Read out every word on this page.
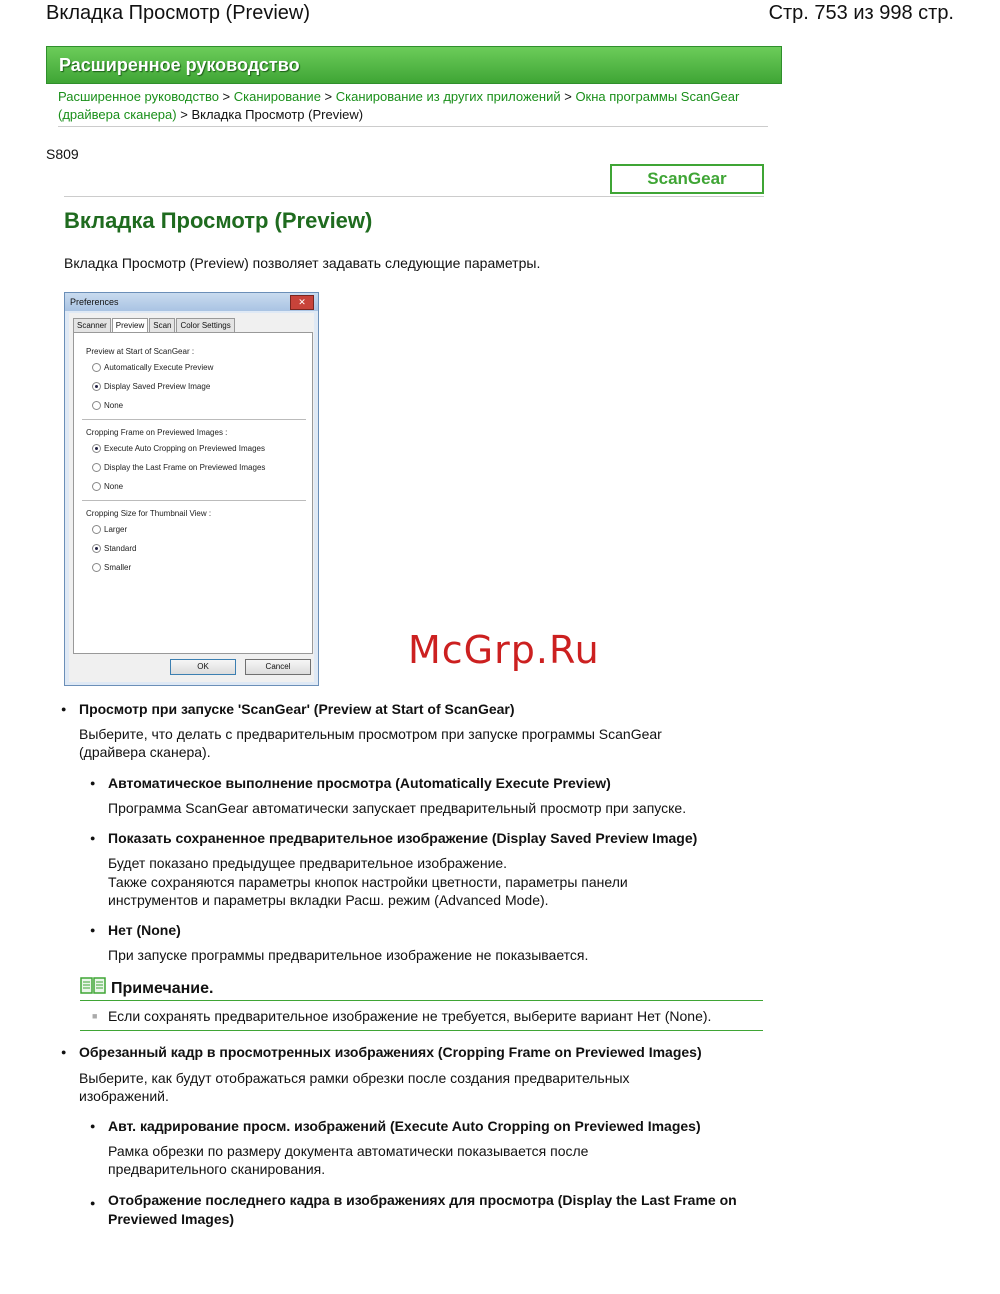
Вкладка Просмотр (Preview)	Стр. 753 из 998 стр.
Расширенное руководство
Расширенное руководство > Сканирование > Сканирование из других приложений > Окна программы ScanGear (драйвера сканера) > Вкладка Просмотр (Preview)
S809
ScanGear
Вкладка Просмотр (Preview)
Вкладка Просмотр (Preview) позволяет задавать следующие параметры.
Preferences	✕
Scanner	Preview	Scan	Color Settings
Preview at Start of ScanGear :
Automatically Execute Preview
Display Saved Preview Image
None
Cropping Frame on Previewed Images :
Execute Auto Cropping on Previewed Images
Display the Last Frame on Previewed Images
None
Cropping Size for Thumbnail View :
Larger
Standard
Smaller
OK	Cancel	McGrp.Ru
● Просмотр при запуске 'ScanGear' (Preview at Start of ScanGear)
Выберите, что делать с предварительным просмотром при запуске программы ScanGear (драйвера сканера).
● Автоматическое выполнение просмотра (Automatically Execute Preview)
Программа ScanGear автоматически запускает предварительный просмотр при запуске.
● Показать сохраненное предварительное изображение (Display Saved Preview Image)
Будет показано предыдущее предварительное изображение.
Также сохраняются параметры кнопок настройки цветности, параметры панели инструментов и параметры вкладки Расш. режим (Advanced Mode).
● Нет (None)
При запуске программы предварительное изображение не показывается.
Примечание.
■ Если сохранять предварительное изображение не требуется, выберите вариант Нет (None).
● Обрезанный кадр в просмотренных изображениях (Cropping Frame on Previewed Images)
Выберите, как будут отображаться рамки обрезки после создания предварительных изображений.
● Авт. кадрирование просм. изображений (Execute Auto Cropping on Previewed Images)
Рамка обрезки по размеру документа автоматически показывается после предварительного сканирования.
● Отображение последнего кадра в изображениях для просмотра (Display the Last Frame on Previewed Images)
